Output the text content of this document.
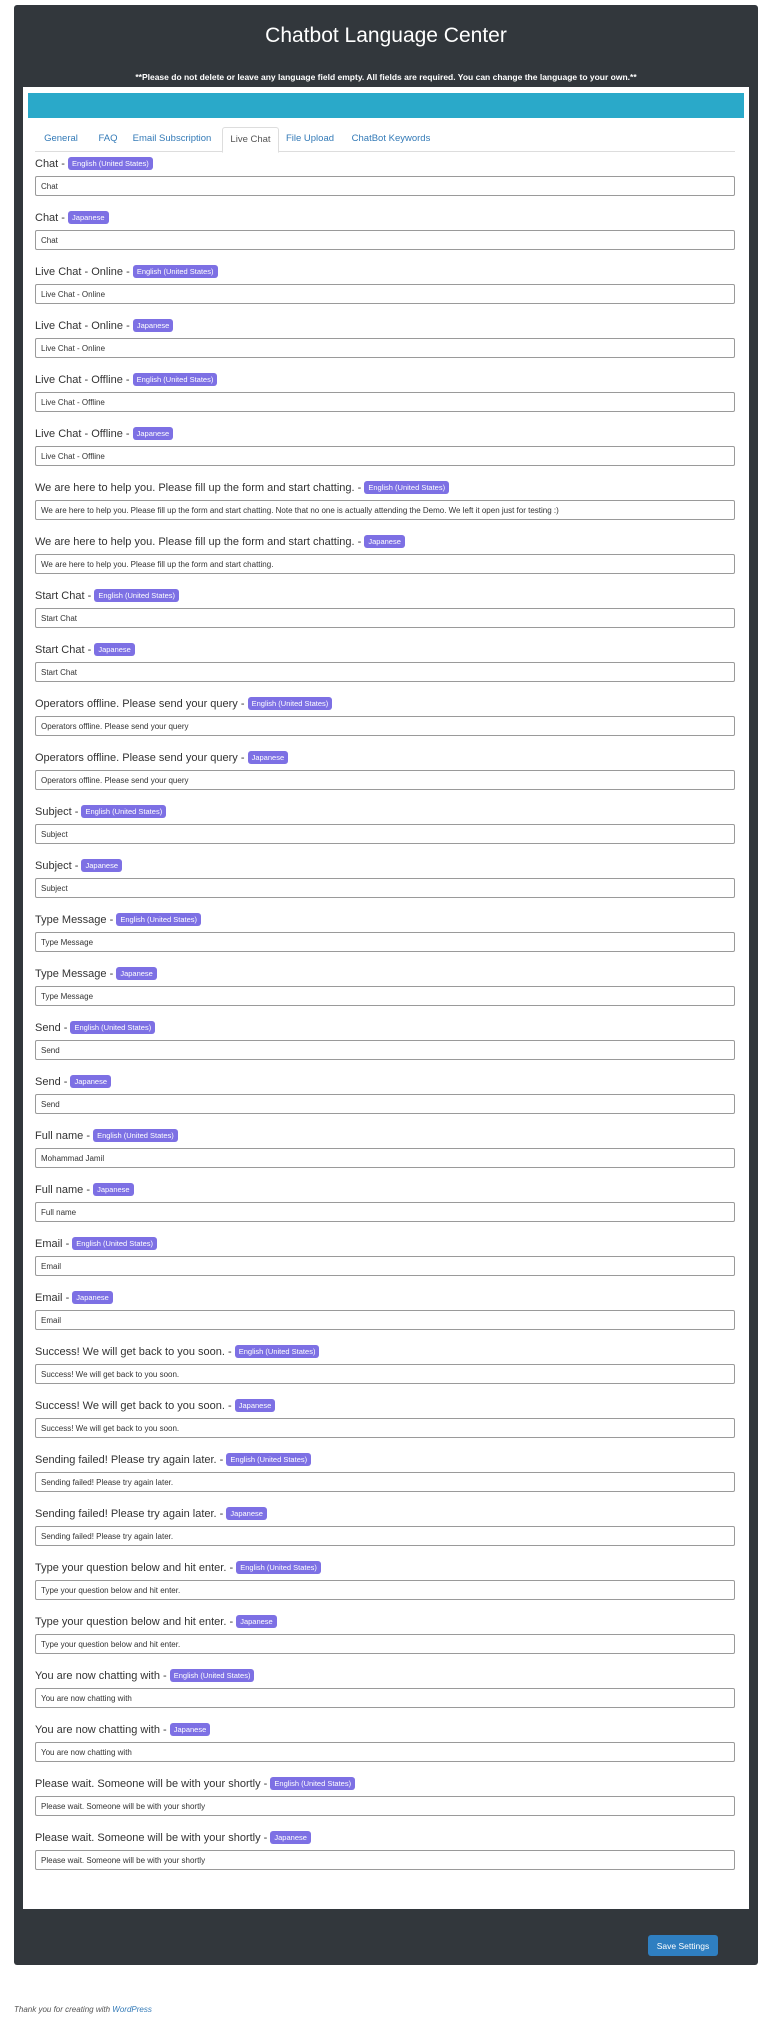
Chatbot Language Center
**Please do not delete or leave any language field empty. All fields are required. You can change the language to your own.**
General	FAQ	Email Subscription	Live Chat	File Upload	ChatBot Keywords
Chat - English (United States)
Chat
Chat - Japanese
Chat
Live Chat - Online - English (United States)
Live Chat - Online
Live Chat - Online - Japanese
Live Chat - Online
Live Chat - Offline - English (United States)
Live Chat - Offline
Live Chat - Offline - Japanese
Live Chat - Offline
We are here to help you. Please fill up the form and start chatting. - English (United States)
We are here to help you. Please fill up the form and start chatting. Note that no one is actually attending the Demo. We left it open just for testing :)
We are here to help you. Please fill up the form and start chatting. - Japanese
We are here to help you. Please fill up the form and start chatting.
Start Chat - English (United States)
Start Chat
Start Chat - Japanese
Start Chat
Operators offline. Please send your query - English (United States)
Operators offline. Please send your query
Operators offline. Please send your query - Japanese
Operators offline. Please send your query
Subject - English (United States)
Subject
Subject - Japanese
Subject
Type Message - English (United States)
Type Message
Type Message - Japanese
Type Message
Send - English (United States)
Send
Send - Japanese
Send
Full name - English (United States)
Mohammad Jamil
Full name - Japanese
Full name
Email - English (United States)
Email
Email - Japanese
Email
Success! We will get back to you soon. - English (United States)
Success! We will get back to you soon.
Success! We will get back to you soon. - Japanese
Success! We will get back to you soon.
Sending failed! Please try again later. - English (United States)
Sending failed! Please try again later.
Sending failed! Please try again later. - Japanese
Sending failed! Please try again later.
Type your question below and hit enter. - English (United States)
Type your question below and hit enter.
Type your question below and hit enter. - Japanese
Type your question below and hit enter.
You are now chatting with - English (United States)
You are now chatting with
You are now chatting with - Japanese
You are now chatting with
Please wait. Someone will be with your shortly - English (United States)
Please wait. Someone will be with your shortly
Please wait. Someone will be with your shortly - Japanese
Please wait. Someone will be with your shortly
Save Settings
Thank you for creating with WordPress
